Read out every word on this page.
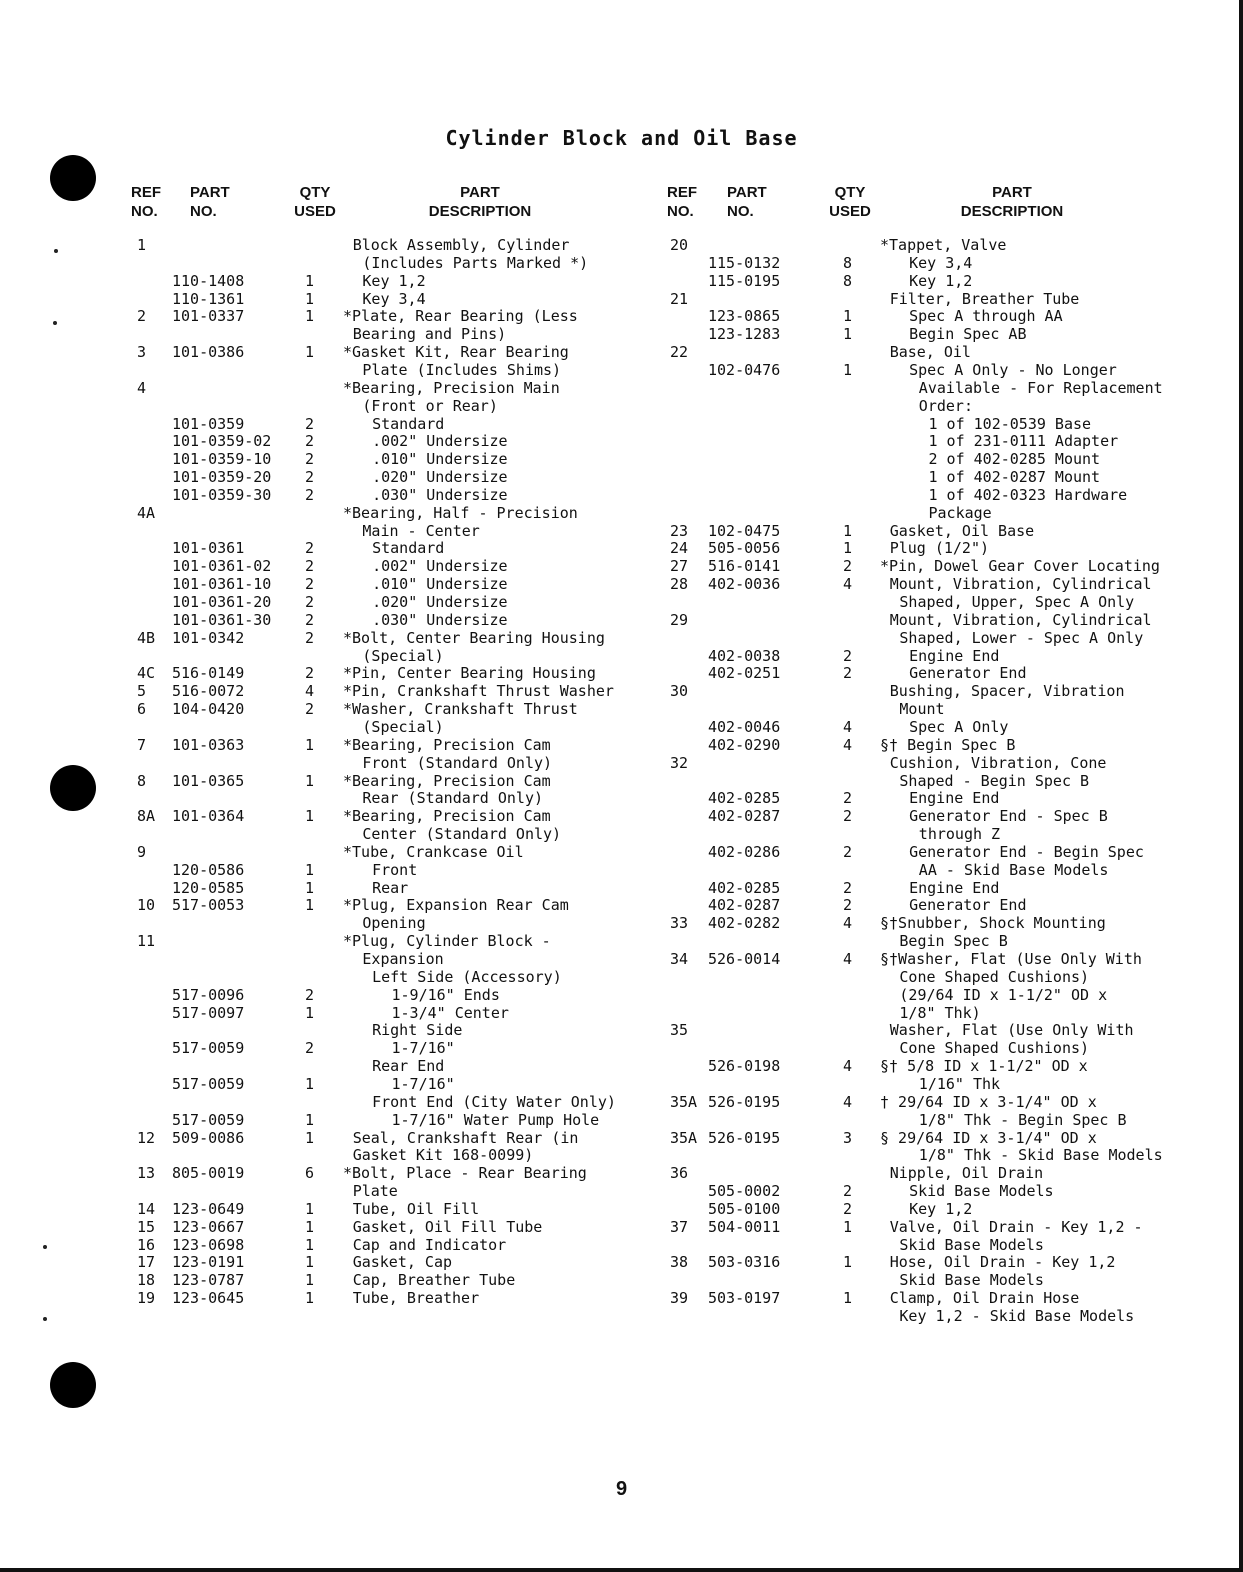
Cylinder Block and Oil Base
REF
NO.
PART
NO.
QTY
USED
PART
DESCRIPTION
REF
NO.
PART
NO.
QTY
USED
PART
DESCRIPTION
1	Block Assembly, Cylinder
(Includes Parts Marked *)
110-1408	1	Key 1,2
110-1361	1	Key 3,4
2 101-0337	1 *Plate, Rear Bearing (Less
Bearing and Pins)
3 101-0386	1 *Gasket Kit, Rear Bearing
Plate (Includes Shims)
4	*Bearing, Precision Main
(Front or Rear)
101-0359	2	Standard
101-0359-02 2	.002" Undersize
101-0359-10 2	.010" Undersize
101-0359-20 2	.020" Undersize
101-0359-30 2	.030" Undersize
4A	*Bearing, Half - Precision
Main - Center
101-0361	2	Standard
101-0361-02 2	.002" Undersize
101-0361-10 2	.010" Undersize
101-0361-20 2	.020" Undersize
101-0361-30 2	.030" Undersize
4B 101-0342	2 *Bolt, Center Bearing Housing
(Special)
4C 516-0149	2 *Pin, Center Bearing Housing
5 516-0072	4 *Pin, Crankshaft Thrust Washer
6 104-0420	2 *Washer, Crankshaft Thrust
(Special)
7 101-0363	1 *Bearing, Precision Cam
Front (Standard Only)
8 101-0365	1 *Bearing, Precision Cam
Rear (Standard Only)
8A 101-0364	1 *Bearing, Precision Cam
Center (Standard Only)
9	*Tube, Crankcase Oil
120-0586	1	Front
120-0585	1	Rear
10 517-0053	1 *Plug, Expansion Rear Cam
Opening
11	*Plug, Cylinder Block -
Expansion
Left Side (Accessory)
517-0096	2	1-9/16" Ends
517-0097	1	1-3/4" Center
Right Side
517-0059	2	1-7/16"
Rear End
517-0059	1	1-7/16"
Front End (City Water Only)
517-0059	1	1-7/16" Water Pump Hole
12 509-0086	1	Seal, Crankshaft Rear (in
Gasket Kit 168-0099)
13 805-0019	6 *Bolt, Place - Rear Bearing
Plate
14 123-0649	1	Tube, Oil Fill
15 123-0667	1	Gasket, Oil Fill Tube
16 123-0698	1	Cap and Indicator
17 123-0191	1	Gasket, Cap
18 123-0787	1	Cap, Breather Tube
19 123-0645	1	Tube, Breather
20	*Tappet, Valve
115-0132	8	Key 3,4
115-0195	8	Key 1,2
21	Filter, Breather Tube
123-0865	1	Spec A through AA
123-1283	1	Begin Spec AB
22	Base, Oil
102-0476	1	Spec A Only - No Longer
Available - For Replacement
Order:
1 of 102-0539 Base
1 of 231-0111 Adapter
2 of 402-0285 Mount
1 of 402-0287 Mount
1 of 402-0323 Hardware
Package
23 102-0475	1	Gasket, Oil Base
24 505-0056	1	Plug (1/2")
27 516-0141	2 *Pin, Dowel Gear Cover Locating
28 402-0036	4	Mount, Vibration, Cylindrical
Shaped, Upper, Spec A Only
29	Mount, Vibration, Cylindrical
Shaped, Lower - Spec A Only
402-0038	2	Engine End
402-0251	2	Generator End
30	Bushing, Spacer, Vibration
Mount
402-0046	4	Spec A Only
402-0290	4 §† Begin Spec B
32	Cushion, Vibration, Cone
Shaped - Begin Spec B
402-0285	2	Engine End
402-0287	2	Generator End - Spec B
through Z
402-0286	2	Generator End - Begin Spec
AA - Skid Base Models
402-0285	2	Engine End
402-0287	2	Generator End
33 402-0282	4 §†Snubber, Shock Mounting
Begin Spec B
34 526-0014	4 §†Washer, Flat (Use Only With
Cone Shaped Cushions)
(29/64 ID x 1-1/2" OD x
1/8" Thk)
35	Washer, Flat (Use Only With
Cone Shaped Cushions)
526-0198	4 §† 5/8 ID x 1-1/2" OD x
1/16" Thk
35A 526-0195	4 † 29/64 ID x 3-1/4" OD x
1/8" Thk - Begin Spec B
35A 526-0195	3 § 29/64 ID x 3-1/4" OD x
1/8" Thk - Skid Base Models
36	Nipple, Oil Drain
505-0002	2	Skid Base Models
505-0100	2	Key 1,2
37 504-0011	1	Valve, Oil Drain - Key 1,2 -
Skid Base Models
38 503-0316	1	Hose, Oil Drain - Key 1,2
Skid Base Models
39 503-0197	1	Clamp, Oil Drain Hose
Key 1,2 - Skid Base Models
9
